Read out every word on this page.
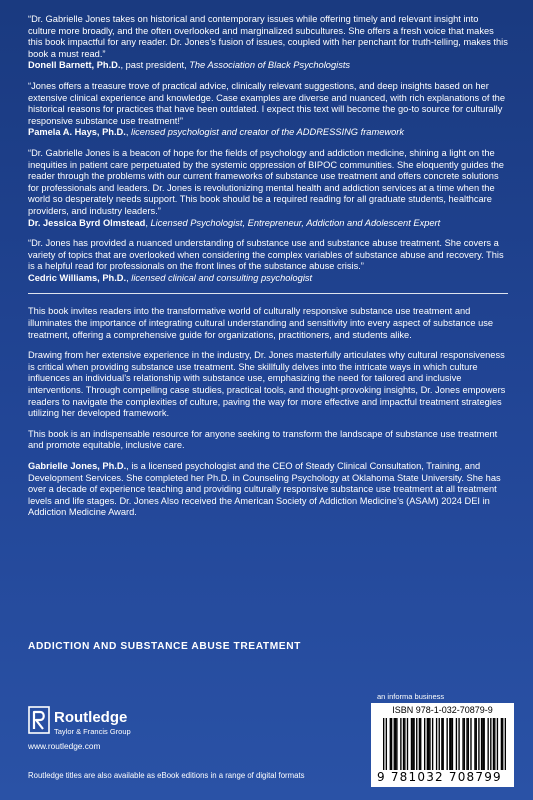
“Dr. Gabrielle Jones takes on historical and contemporary issues while offering timely and relevant insight into culture more broadly, and the often overlooked and marginalized subcultures. She offers a fresh voice that makes this book impactful for any reader. Dr. Jones’s fusion of issues, coupled with her penchant for truth-telling, makes this book a must read.”

Donell Barnett, Ph.D., past president, The Association of Black Psychologists

“Jones offers a treasure trove of practical advice, clinically relevant suggestions, and deep insights based on her extensive clinical experience and knowledge. Case examples are diverse and nuanced, with rich explanations of the historical reasons for practices that have been outdated. I expect this text will become the go-to source for culturally responsive substance use treatment!”

Pamela A. Hays, Ph.D., licensed psychologist and creator of the ADDRESSING framework

“Dr. Gabrielle Jones is a beacon of hope for the fields of psychology and addiction medicine, shining a light on the inequities in patient care perpetuated by the systemic oppression of BIPOC communities. She eloquently guides the reader through the problems with our current frameworks of substance use treatment and offers concrete solutions for professionals and leaders. Dr. Jones is revolutionizing mental health and addiction services at a time when the world so desperately needs support. This book should be a required reading for all graduate students, healthcare providers, and industry leaders.”

Dr. Jessica Byrd Olmstead, Licensed Psychologist, Entrepreneur, Addiction and Adolescent Expert

“Dr. Jones has provided a nuanced understanding of substance use and substance abuse treatment. She covers a variety of topics that are overlooked when considering the complex variables of substance abuse and recovery. This is a helpful read for professionals on the front lines of the substance abuse crisis.”

Cedric Williams, Ph.D., licensed clinical and consulting psychologist

This book invites readers into the transformative world of culturally responsive substance use treatment and illuminates the importance of integrating cultural understanding and sensitivity into every aspect of substance use treatment, offering a comprehensive guide for organizations, practitioners, and students alike.

Drawing from her extensive experience in the industry, Dr. Jones masterfully articulates why cultural responsiveness is critical when providing substance use treatment. She skillfully delves into the intricate ways in which culture influences an individual’s relationship with substance use, emphasizing the need for tailored and inclusive interventions. Through compelling case studies, practical tools, and thought-provoking insights, Dr. Jones empowers readers to navigate the complexities of culture, paving the way for more effective and impactful treatment strategies utilizing her developed framework.

This book is an indispensable resource for anyone seeking to transform the landscape of substance use treatment and promote equitable, inclusive care.

Gabrielle Jones, Ph.D., is a licensed psychologist and the CEO of Steady Clinical Consultation, Training, and Development Services. She completed her Ph.D. in Counseling Psychology at Oklahoma State University. She has over a decade of experience teaching and providing culturally responsive substance use treatment at all treatment levels and life stages. Dr. Jones Also received the American Society of Addiction Medicine’s (ASAM) 2024 DEI in Addiction Medicine Award.

ADDICTION AND SUBSTANCE ABUSE TREATMENT
Routledge
Taylor & Francis Group
www.routledge.com
Routledge titles are also available as eBook editions in a range of digital formats
an informa business
ISBN 978-1-032-70879-9
9 781032 708799
